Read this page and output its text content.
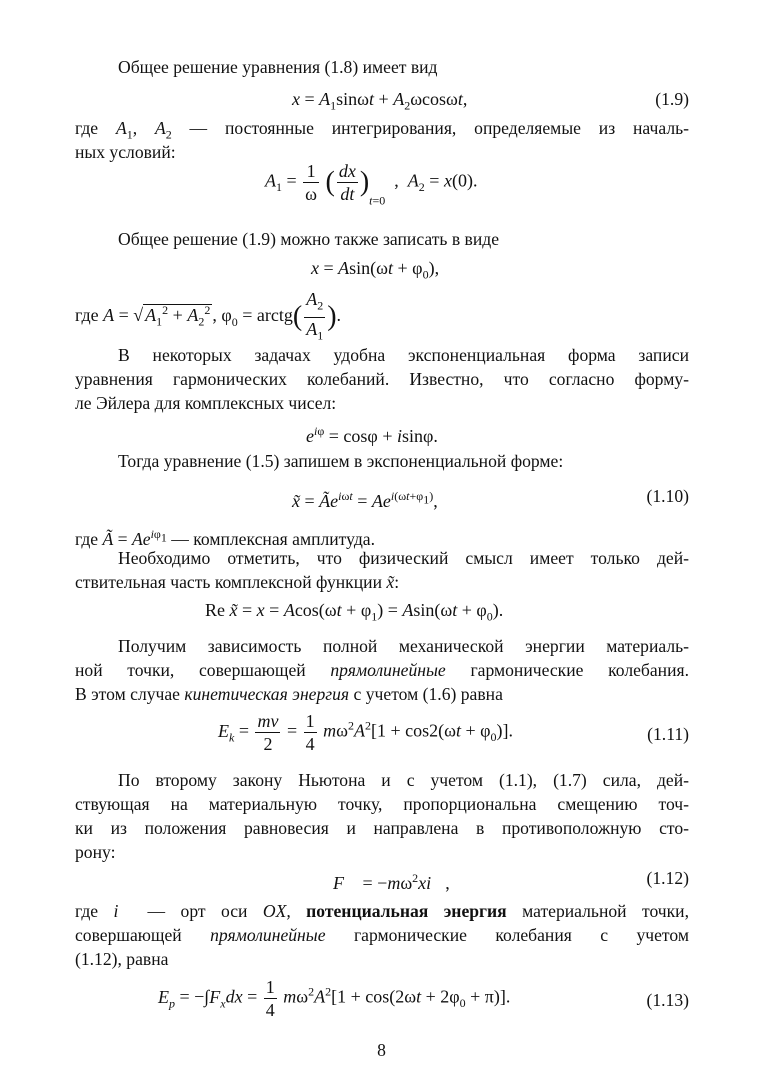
Общее решение уравнения (1.8) имеет вид
$x = A_1\sin\omega t + A_2\omega\cos\omega t$,	(1.9)
где $A_1$, $A_2$ — постоянные интегрирования, определяемые из началь-
ных условий:
$A_1 = \frac{1}{\omega}$ ( $\frac{dx}{dt} )_{t=0}$  ,  $A_2 = x(0)$.
Общее решение (1.9) можно также записать в виде
$x = Asin(\omega t + \varphi_0)$,
где A = √ $A_1^2 + A_2^2$ , $\varphi_0$ = arctg( $\frac{A_2}{A_1}$ ).
В некоторых задачах удобна экспоненциальная форма записи
уравнения гармонических колебаний. Известно, что согласно форму-
ле Эйлера для комплексных чисел:
$e^{i\varphi} = \cos\varphi + isin\varphi$.
Тогда уравнение (1.5) запишем в экспоненциальной форме:
x̃ = $Ãe^{i\omega t} = Ae^{i(\omega t+\varphi_1)}$,	(1.10)
где Ã = $Ae^{i\varphi_1}$ — комплексная амплитуда.
Необходимо отметить, что физический смысл имеет только дей-
ствительная часть комплексной функции x̃:
Re x̃ = $x = Acos(\omega t + \varphi_1) = Asin(\omega t + \varphi_0)$.
Получим зависимость полной механической энергии материаль-
ной точки, совершающей прямолинейные гармонические колебания.
В этом случае кинетическая энергия с учетом (1.6) равна
$E_k = \frac{mv}{2} = \frac{1}{4} m\omega^2A^2[1 + \cos 2(\omega t + \varphi_0)]$.	(1.11)
По второму закону Ньютона и с учетом (1.1), (1.7) сила, дей-
ствующая на материальную точку, пропорциональна смещению точ-
ки из положения равновесия и направлена в противоположную сто-
рону:
F⃗ = $-m\omega^2xi⃗$,	(1.12)
где i⃗ — орт оси OX, потенциальная энергия материальной точки,
совершающей прямолинейные гармонические колебания с учетом
(1.12), равна
$E_p = -\int F_xdx = \frac{1}{4} m\omega^2A^2[1 + \cos(2\omega t + 2\varphi_0 + \pi)]$.	(1.13)
8
